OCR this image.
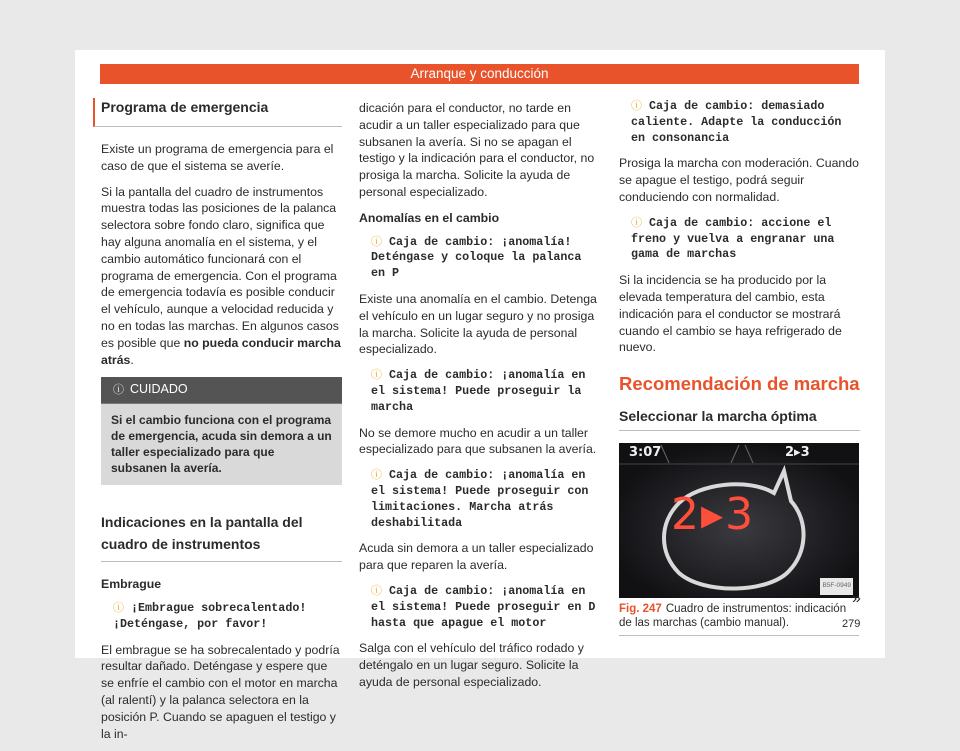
Arranque y conducción
Programa de emergencia

Existe un programa de emergencia para el caso de que el sistema se averíe.

Si la pantalla del cuadro de instrumentos muestra todas las posiciones de la palanca selectora sobre fondo claro, significa que hay alguna anomalía en el sistema, y el cambio automático funcionará con el programa de emergencia. Con el programa de emergencia todavía es posible conducir el vehículo, aunque a velocidad reducida y no en todas las marchas. En algunos casos es posible que no pueda conducir marcha atrás.

ⓘ CUIDADO
Si el cambio funciona con el programa de emergencia, acuda sin demora a un taller especializado para que subsanen la avería.
Indicaciones en la pantalla del cuadro de instrumentos
Embrague
ⓘ ¡Embrague sobrecalentado! ¡Deténgase, por favor!

El embrague se ha sobrecalentado y podría resultar dañado. Deténgase y espere que se enfríe el cambio con el motor en marcha (al ralentí) y la palanca selectora en la posición P. Cuando se apaguen el testigo y la in-

dicación para el conductor, no tarde en acudir a un taller especializado para que subsanen la avería. Si no se apagan el testigo y la indicación para el conductor, no prosiga la marcha. Solicite la ayuda de personal especializado.

Anomalías en el cambio
ⓘ Caja de cambio: ¡anomalía! Deténgase y coloque la palanca en P

Existe una anomalía en el cambio. Detenga el vehículo en un lugar seguro y no prosiga la marcha. Solicite la ayuda de personal especializado.

ⓘ Caja de cambio: ¡anomalía en el sistema! Puede proseguir la marcha

No se demore mucho en acudir a un taller especializado para que subsanen la avería.

ⓘ Caja de cambio: ¡anomalía en el sistema! Puede proseguir con limitaciones. Marcha atrás deshabilitada

Acuda sin demora a un taller especializado para que reparen la avería.

ⓘ Caja de cambio: ¡anomalía en el sistema! Puede proseguir en D hasta que apague el motor

Salga con el vehículo del tráfico rodado y deténgalo en un lugar seguro. Solicite la ayuda de personal especializado.

ⓘ Caja de cambio: demasiado caliente. Adapte la conducción en consonancia

Prosiga la marcha con moderación. Cuando se apague el testigo, podrá seguir conduciendo con normalidad.

ⓘ Caja de cambio: accione el freno y vuelva a engranar una gama de marchas

Si la incidencia se ha producido por la elevada temperatura del cambio, esta indicación para el conductor se mostrará cuando el cambio se haya refrigerado de nuevo.

Recomendación de marcha
Seleccionar la marcha óptima
3:07	2▸3
2▸3
B5F-0949
Fig. 247 Cuadro de instrumentos: indicación de las marchas (cambio manual).
»
279
